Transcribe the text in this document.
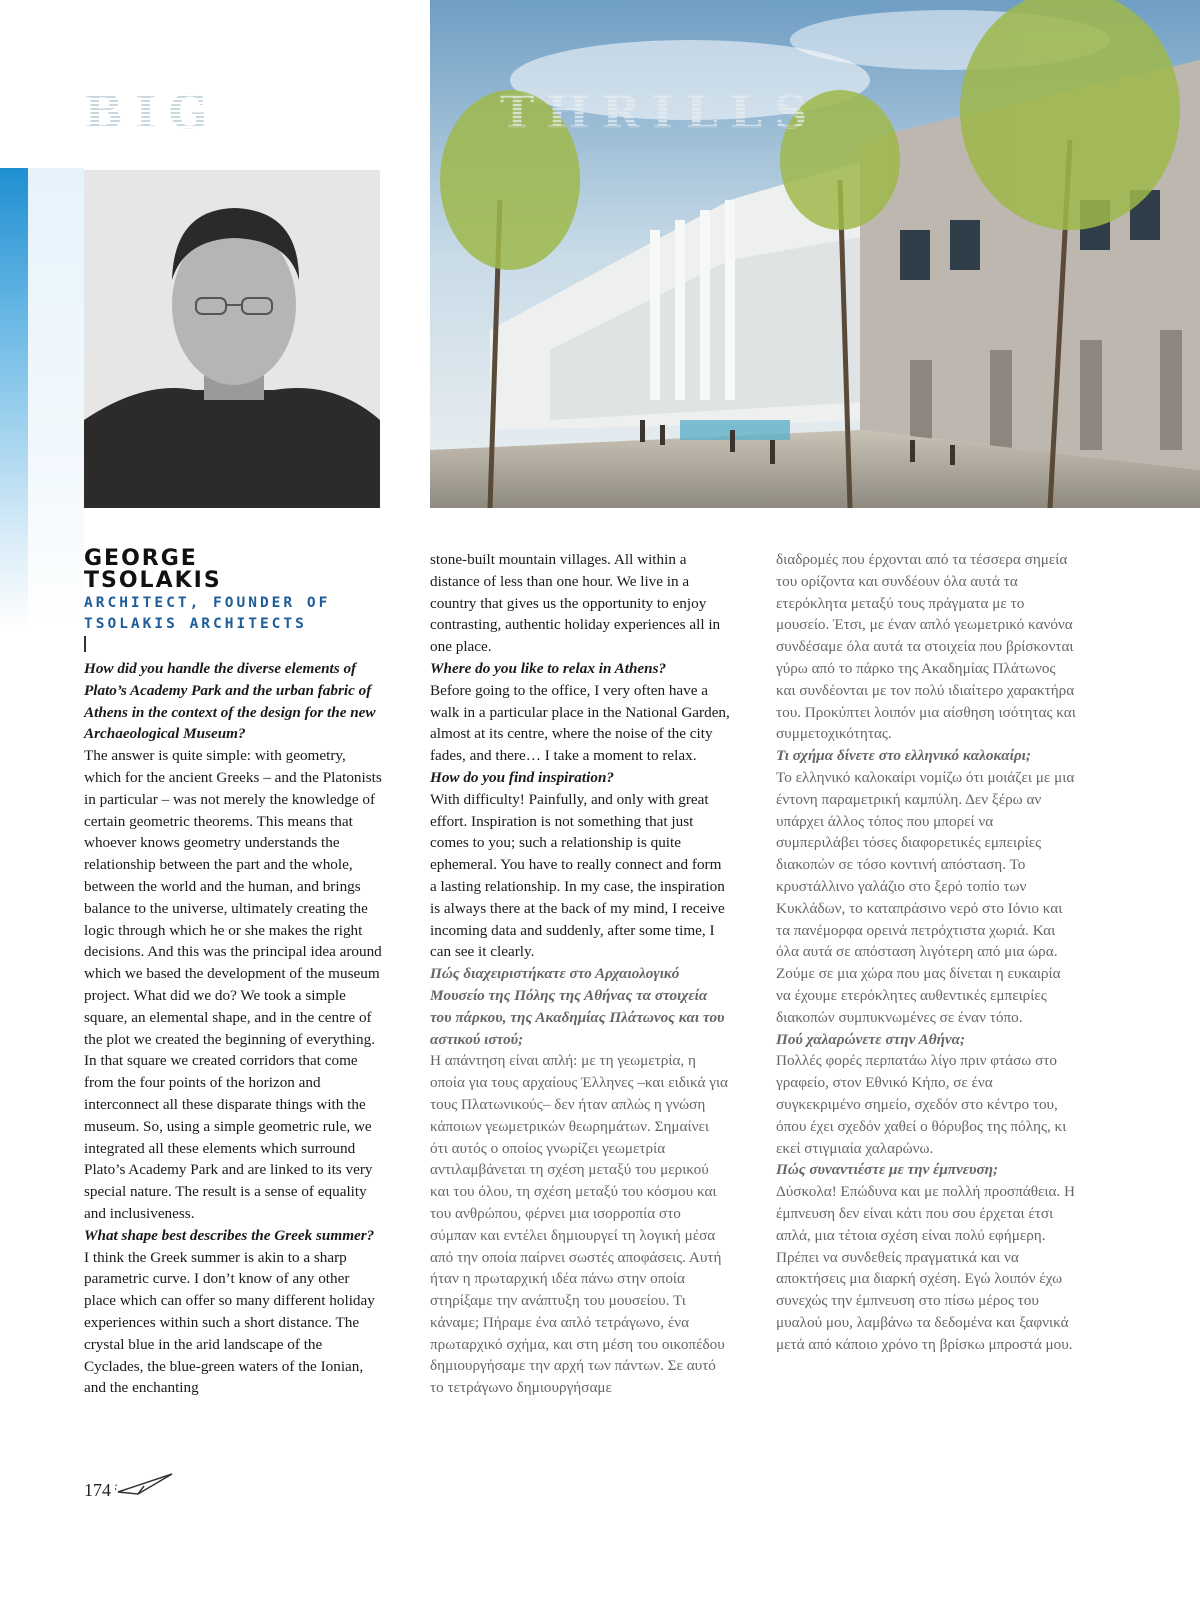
BIG	THRILLS
GEORGE TSOLAKIS
ARCHITECT, FOUNDER OF TSOLAKIS ARCHITECTS

How did you handle the diverse elements of Plato’s Academy Park and the urban fabric of Athens in the context of the design for the new Archaeological Museum?

The answer is quite simple: with geometry, which for the ancient Greeks – and the Platonists in particular – was not merely the knowledge of certain geometric theorems. This means that whoever knows geometry understands the relationship between the part and the whole, between the world and the human, and brings balance to the universe, ultimately creating the logic through which he or she makes the right decisions. And this was the principal idea around which we based the development of the museum project. What did we do? We took a simple square, an elemental shape, and in the centre of the plot we created the beginning of everything. In that square we created corridors that come from the four points of the horizon and interconnect all these disparate things with the museum. So, using a simple geometric rule, we integrated all these elements which surround Plato’s Academy Park and are linked to its very special nature. The result is a sense of equality and inclusiveness.

What shape best describes the Greek summer?

I think the Greek summer is akin to a sharp parametric curve. I don’t know of any other place which can offer so many different holiday experiences within such a short distance. The crystal blue in the arid landscape of the Cyclades, the blue-green waters of the Ionian, and the enchanting

stone-built mountain villages. All within a distance of less than one hour. We live in a country that gives us the opportunity to enjoy contrasting, authentic holiday experiences all in one place.

Where do you like to relax in Athens?

Before going to the office, I very often have a walk in a particular place in the National Garden, almost at its centre, where the noise of the city fades, and there… I take a moment to relax.

How do you find inspiration?

With difficulty! Painfully, and only with great effort. Inspiration is not something that just comes to you; such a relationship is quite ephemeral. You have to really connect and form a lasting relationship. In my case, the inspiration is always there at the back of my mind, I receive incoming data and suddenly, after some time, I can see it clearly.

Πώς διαχειριστήκατε στο Αρχαιολογικό Μουσείο της Πόλης της Αθήνας τα στοιχεία του πάρκου, της Ακαδημίας Πλάτωνος και του αστικού ιστού;

Η απάντηση είναι απλή: με τη γεωμετρία, η οποία για τους αρχαίους Έλληνες –και ειδικά για τους Πλατωνικούς– δεν ήταν απλώς η γνώση κάποιων γεωμετρικών θεωρημάτων. Σημαίνει ότι αυτός ο οποίος γνωρίζει γεωμετρία αντιλαμβάνεται τη σχέση μεταξύ του μερικού και του όλου, τη σχέση μεταξύ του κόσμου και του ανθρώπου, φέρνει μια ισορροπία στο σύμπαν και εντέλει δημιουργεί τη λογική μέσα από την οποία παίρνει σωστές αποφάσεις. Αυτή ήταν η πρωταρχική ιδέα πάνω στην οποία στηρίξαμε την ανάπτυξη του μουσείου. Τι κάναμε; Πήραμε ένα απλό τετράγωνο, ένα πρωταρχικό σχήμα, και στη μέση του οικοπέδου δημιουργήσαμε την αρχή των πάντων. Σε αυτό το τετράγωνο δημιουργήσαμε

διαδρομές που έρχονται από τα τέσσερα σημεία του ορίζοντα και συνδέουν όλα αυτά τα ετερόκλητα μεταξύ τους πράγματα με το μουσείο. Έτσι, με έναν απλό γεωμετρικό κανόνα συνδέσαμε όλα αυτά τα στοιχεία που βρίσκονται γύρω από το πάρκο της Ακαδημίας Πλάτωνος και συνδέονται με τον πολύ ιδιαίτερο χαρακτήρα του. Προκύπτει λοιπόν μια αίσθηση ισότητας και συμμετοχικότητας.

Τι σχήμα δίνετε στο ελληνικό καλοκαίρι;

Το ελληνικό καλοκαίρι νομίζω ότι μοιάζει με μια έντονη παραμετρική καμπύλη. Δεν ξέρω αν υπάρχει άλλος τόπος που μπορεί να συμπεριλάβει τόσες διαφορετικές εμπειρίες διακοπών σε τόσο κοντινή απόσταση. Το κρυστάλλινο γαλάζιο στο ξερό τοπίο των Κυκλάδων, το καταπράσινο νερό στο Ιόνιο και τα πανέμορφα ορεινά πετρόχτιστα χωριά. Και όλα αυτά σε απόσταση λιγότερη από μια ώρα. Ζούμε σε μια χώρα που μας δίνεται η ευκαιρία να έχουμε ετερόκλητες αυθεντικές εμπειρίες διακοπών συμπυκνωμένες σε έναν τόπο.

Πού χαλαρώνετε στην Αθήνα;

Πολλές φορές περπατάω λίγο πριν φτάσω στο γραφείο, στον Εθνικό Κήπο, σε ένα συγκεκριμένο σημείο, σχεδόν στο κέντρο του, όπου έχει σχεδόν χαθεί ο θόρυβος της πόλης, κι εκεί στιγμιαία χαλαρώνω.

Πώς συναντιέστε με την έμπνευση;

Δύσκολα! Επώδυνα και με πολλή προσπάθεια. Η έμπνευση δεν είναι κάτι που σου έρχεται έτσι απλά, μια τέτοια σχέση είναι πολύ εφήμερη. Πρέπει να συνδεθείς πραγματικά και να αποκτήσεις μια διαρκή σχέση. Εγώ λοιπόν έχω συνεχώς την έμπνευση στο πίσω μέρος του μυαλού μου, λαμβάνω τα δεδομένα και ξαφνικά μετά από κάποιο χρόνο τη βρίσκω μπροστά μου.

174
